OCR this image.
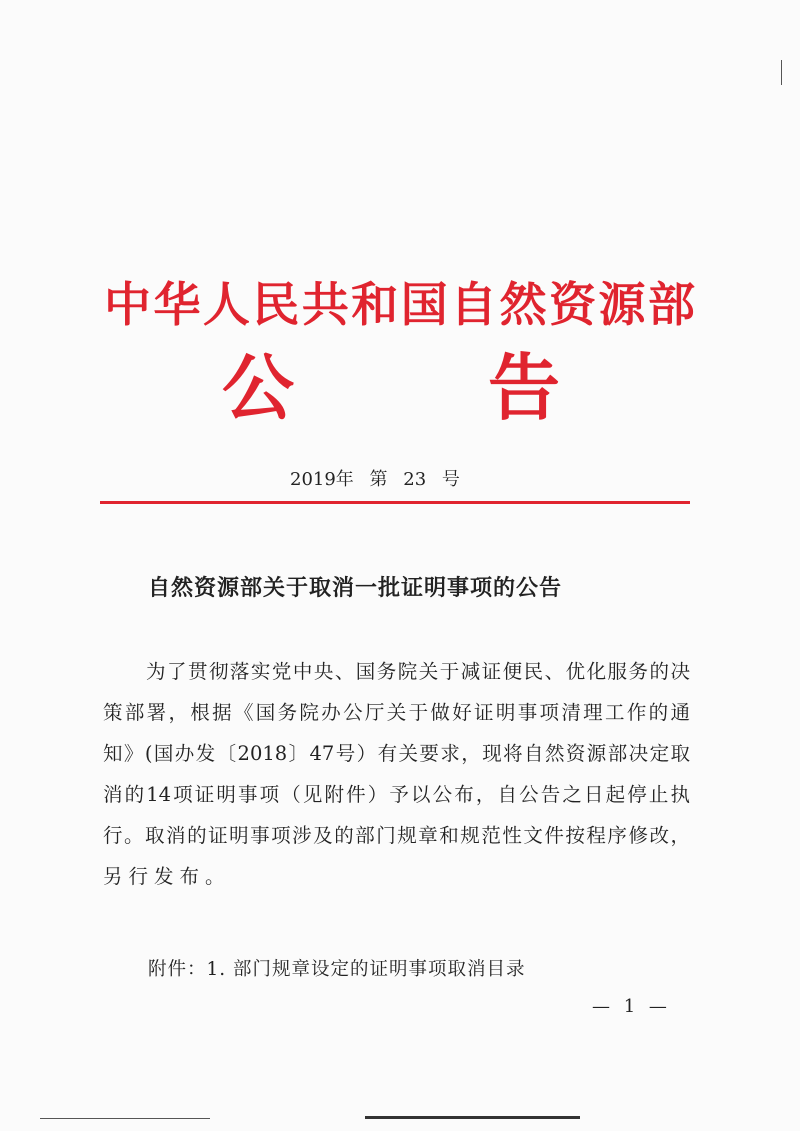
中华人民共和国自然资源部
公	告
2019年 第 23 号
自然资源部关于取消一批证明事项的公告
为了贯彻落实党中央、国务院关于减证便民、优化服务的决
策部署，根据《国务院办公厅关于做好证明事项清理工作的通
知》(国办发〔2018〕47号）有关要求，现将自然资源部决定取
消的14项证明事项（见附件）予以公布，自公告之日起停止执
行。取消的证明事项涉及的部门规章和规范性文件按程序修改，
另行发布。
附件：1. 部门规章设定的证明事项取消目录
— 1 —
